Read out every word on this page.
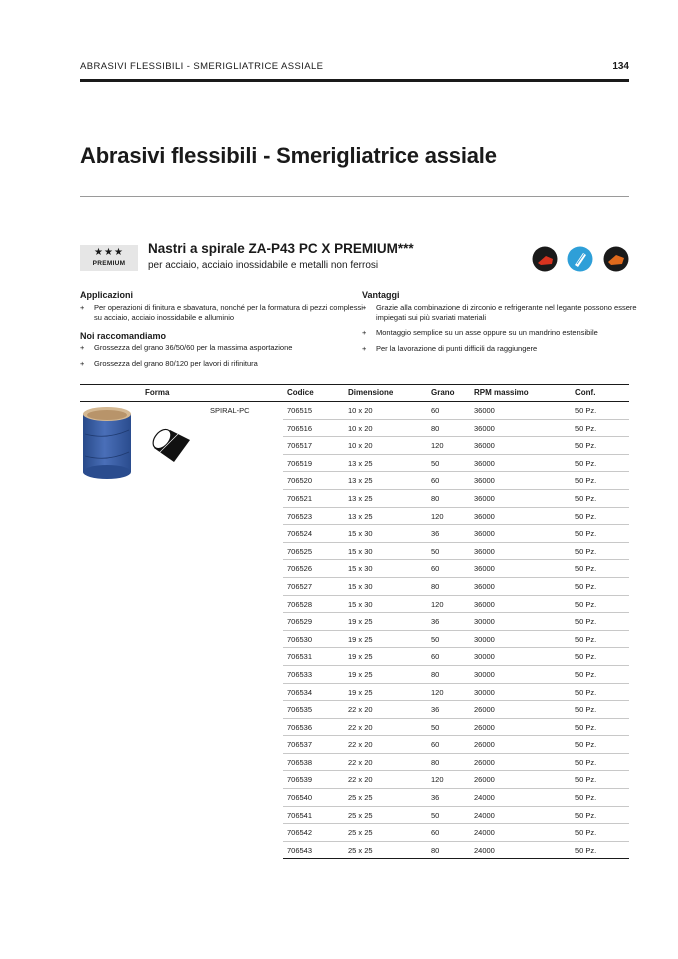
ABRASIVI FLESSIBILI - SMERIGLIATRICE ASSIALE	134
Abrasivi flessibili - Smerigliatrice assiale
★★★
PREMIUM
Nastri a spirale ZA-P43 PC X PREMIUM***
per acciaio, acciaio inossidabile e metalli non ferrosi
Applicazioni
+ Per operazioni di finitura e sbavatura, nonché per la formatura di pezzi complessi su acciaio, acciaio inossidabile e alluminio
Noi raccomandiamo
+ Grossezza del grano 36/50/60 per la massima asportazione
+ Grossezza del grano 80/120 per lavori di rifinitura
Vantaggi
+ Grazie alla combinazione di zirconio e refrigerante nel legante possono essere impiegati sui più svariati materiali
+ Montaggio semplice su un asse oppure su un mandrino estensibile
+ Per la lavorazione di punti difficili da raggiungere
Forma	Codice	Dimensione	Grano RPM massimo	Conf.
SPIRAL-PC	706515	10 x 20	60	36000	50 Pz.
706516	10 x 20	80	36000	50 Pz.
706517	10 x 20	120	36000	50 Pz.
706519	13 x 25	50	36000	50 Pz.
706520	13 x 25	60	36000	50 Pz.
706521	13 x 25	80	36000	50 Pz.
706523	13 x 25	120	36000	50 Pz.
706524	15 x 30	36	36000	50 Pz.
706525	15 x 30	50	36000	50 Pz.
706526	15 x 30	60	36000	50 Pz.
706527	15 x 30	80	36000	50 Pz.
706528	15 x 30	120	36000	50 Pz.
706529	19 x 25	36	30000	50 Pz.
706530	19 x 25	50	30000	50 Pz.
706531	19 x 25	60	30000	50 Pz.
706533	19 x 25	80	30000	50 Pz.
706534	19 x 25	120	30000	50 Pz.
706535	22 x 20	36	26000	50 Pz.
706536	22 x 20	50	26000	50 Pz.
706537	22 x 20	60	26000	50 Pz.
706538	22 x 20	80	26000	50 Pz.
706539	22 x 20	120	26000	50 Pz.
706540	25 x 25	36	24000	50 Pz.
706541	25 x 25	50	24000	50 Pz.
706542	25 x 25	60	24000	50 Pz.
706543	25 x 25	80	24000	50 Pz.
